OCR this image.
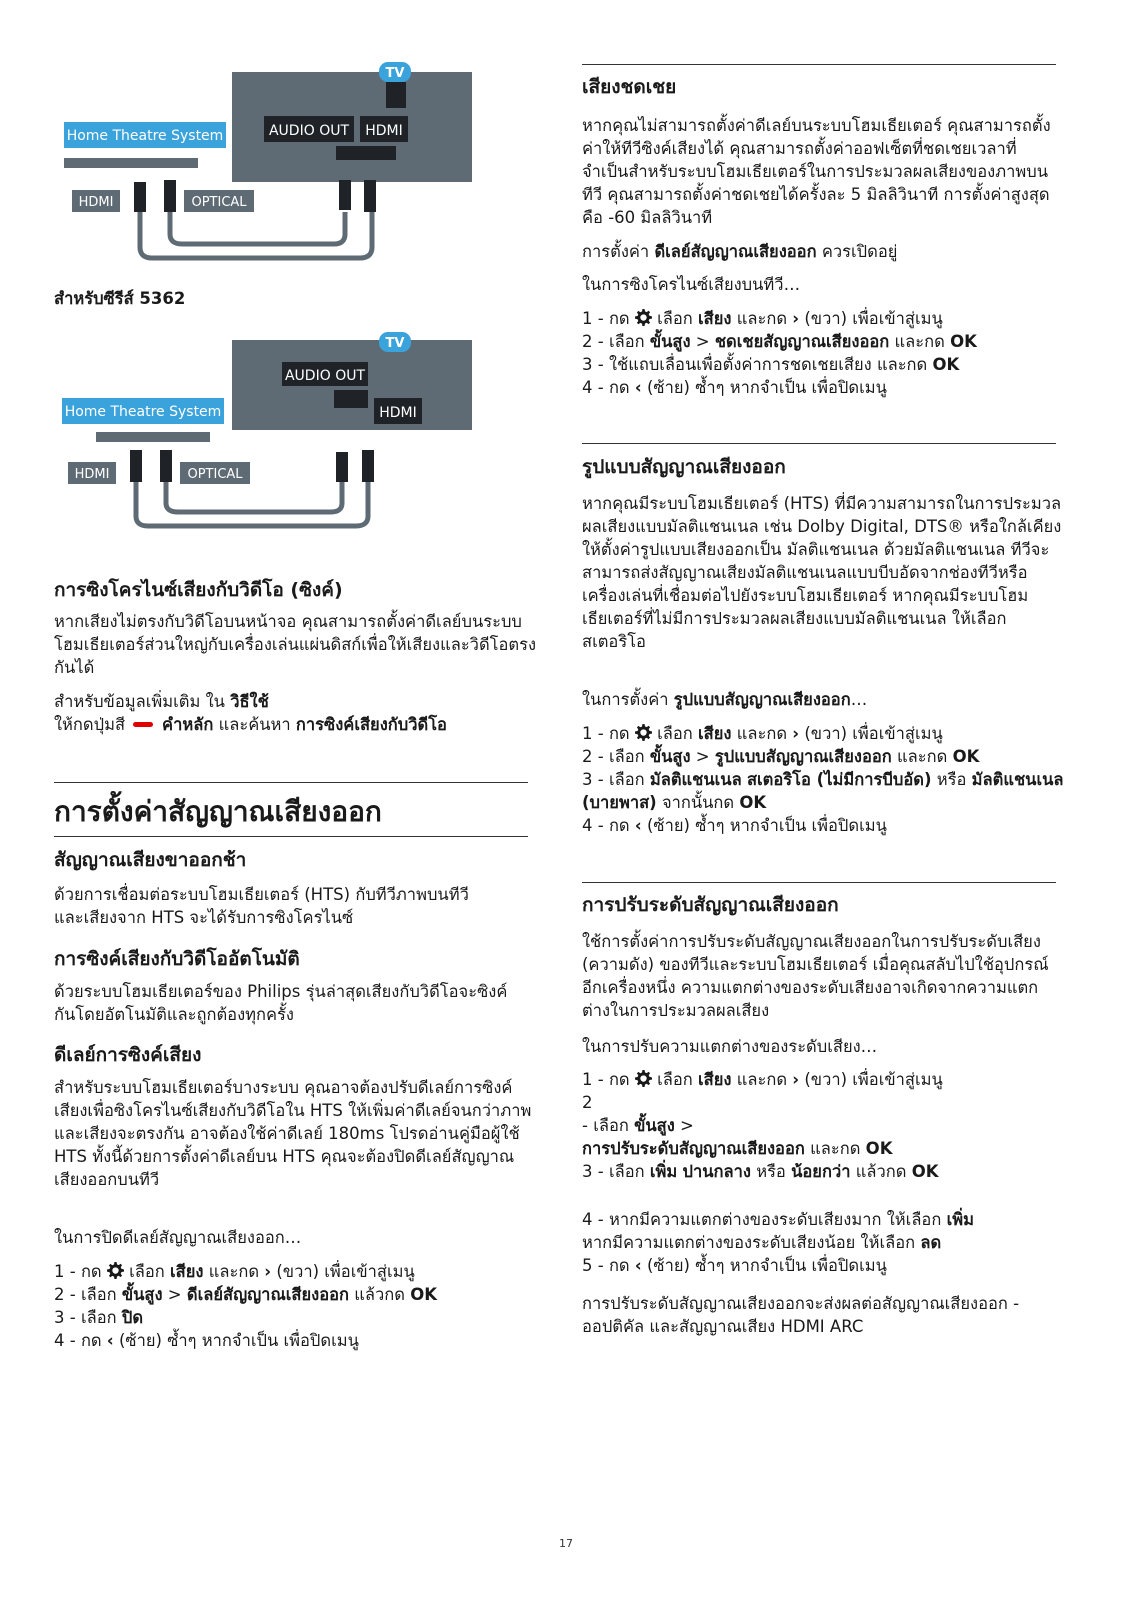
TV
AUDIO OUT HDMI
Home Theatre System
HDMI	OPTICAL
สำหรับซีรีส์ 5362
TV
AUDIO OUT
HDMI
Home Theatre System
HDMI	OPTICAL
การซิงโครไนซ์เสียงกับวิดีโอ (ซิงค์)
หากเสียงไม่ตรงกับวิดีโอบนหน้าจอ คุณสามารถตั้งค่าดีเลย์บนระบบโฮมเธียเตอร์ส่วนใหญ่กับเครื่องเล่นแผ่นดิสก์เพื่อให้เสียงและวิดีโอตรงกันได้
สำหรับข้อมูลเพิ่มเติม ใน วิธีใช้
ให้กดปุ่มสี  คำหลัก และค้นหา การซิงค์เสียงกับวิดีโอ
การตั้งค่าสัญญาณเสียงออก
สัญญาณเสียงขาออกช้า
ด้วยการเชื่อมต่อระบบโฮมเธียเตอร์ (HTS) กับทีวีภาพบนทีวีและเสียงจาก HTS จะได้รับการซิงโครไนซ์
การซิงค์เสียงกับวิดีโออัตโนมัติ
ด้วยระบบโฮมเธียเตอร์ของ Philips รุ่นล่าสุดเสียงกับวิดีโอจะซิงค์กันโดยอัตโนมัติและถูกต้องทุกครั้ง
ดีเลย์การซิงค์เสียง
สำหรับระบบโฮมเธียเตอร์บางระบบ คุณอาจต้องปรับดีเลย์การซิงค์เสียงเพื่อซิงโครไนซ์เสียงกับวิดีโอใน HTS ให้เพิ่มค่าดีเลย์จนกว่าภาพและเสียงจะตรงกัน อาจต้องใช้ค่าดีเลย์ 180ms โปรดอ่านคู่มือผู้ใช้ HTS ทั้งนี้ด้วยการตั้งค่าดีเลย์บน HTS คุณจะต้องปิดดีเลย์สัญญาณเสียงออกบนทีวี
ในการปิดดีเลย์สัญญาณเสียงออก…
1 - กด  เลือก เสียง และกด › (ขวา) เพื่อเข้าสู่เมนู
2 - เลือก ขั้นสูง > ดีเลย์สัญญาณเสียงออก แล้วกด OK
3 - เลือก ปิด
4 - กด ‹ (ซ้าย) ซ้ำๆ หากจำเป็น เพื่อปิดเมนู
เสียงชดเชย
หากคุณไม่สามารถตั้งค่าดีเลย์บนระบบโฮมเธียเตอร์ คุณสามารถตั้งค่าให้ทีวีซิงค์เสียงได้ คุณสามารถตั้งค่าออฟเซ็ตที่ชดเชยเวลาที่จำเป็นสำหรับระบบโฮมเธียเตอร์ในการประมวลผลเสียงของภาพบนทีวี คุณสามารถตั้งค่าชดเชยได้ครั้งละ 5 มิลลิวินาที การตั้งค่าสูงสุดคือ -60 มิลลิวินาที
การตั้งค่า ดีเลย์สัญญาณเสียงออก ควรเปิดอยู่
ในการซิงโครไนซ์เสียงบนทีวี…
1 - กด  เลือก เสียง และกด › (ขวา) เพื่อเข้าสู่เมนู
2 - เลือก ขั้นสูง > ชดเชยสัญญาณเสียงออก และกด OK
3 - ใช้แถบเลื่อนเพื่อตั้งค่าการชดเชยเสียง และกด OK
4 - กด ‹ (ซ้าย) ซ้ำๆ หากจำเป็น เพื่อปิดเมนู
รูปแบบสัญญาณเสียงออก
หากคุณมีระบบโฮมเธียเตอร์ (HTS) ที่มีความสามารถในการประมวลผลเสียงแบบมัลติแชนเนล เช่น Dolby Digital, DTS® หรือใกล้เคียง ให้ตั้งค่ารูปแบบเสียงออกเป็น มัลติแชนเนล ด้วยมัลติแชนเนล ทีวีจะสามารถส่งสัญญาณเสียงมัลติแชนเนลแบบบีบอัดจากช่องทีวีหรือเครื่องเล่นที่เชื่อมต่อไปยังระบบโฮมเธียเตอร์ หากคุณมีระบบโฮมเธียเตอร์ที่ไม่มีการประมวลผลเสียงแบบมัลติแชนเนล ให้เลือก สเตอริโอ
ในการตั้งค่า รูปแบบสัญญาณเสียงออก…
1 - กด  เลือก เสียง และกด › (ขวา) เพื่อเข้าสู่เมนู
2 - เลือก ขั้นสูง > รูปแบบสัญญาณเสียงออก และกด OK
3 - เลือก มัลติแชนเนล สเตอริโอ (ไม่มีการบีบอัด) หรือ มัลติแชนเนล (บายพาส) จากนั้นกด OK
4 - กด ‹ (ซ้าย) ซ้ำๆ หากจำเป็น เพื่อปิดเมนู
การปรับระดับสัญญาณเสียงออก
ใช้การตั้งค่าการปรับระดับสัญญาณเสียงออกในการปรับระดับเสียง (ความดัง) ของทีวีและระบบโฮมเธียเตอร์ เมื่อคุณสลับไปใช้อุปกรณ์อีกเครื่องหนึ่ง ความแตกต่างของระดับเสียงอาจเกิดจากความแตกต่างในการประมวลผลเสียง
ในการปรับความแตกต่างของระดับเสียง…
1 - กด  เลือก เสียง และกด › (ขวา) เพื่อเข้าสู่เมนู
2
- เลือก ขั้นสูง >
การปรับระดับสัญญาณเสียงออก และกด OK
3 - เลือก เพิ่ม ปานกลาง หรือ น้อยกว่า แล้วกด OK
4 - หากมีความแตกต่างของระดับเสียงมาก ให้เลือก เพิ่ม
หากมีความแตกต่างของระดับเสียงน้อย ให้เลือก ลด
5 - กด ‹ (ซ้าย) ซ้ำๆ หากจำเป็น เพื่อปิดเมนู
การปรับระดับสัญญาณเสียงออกจะส่งผลต่อสัญญาณเสียงออก - ออปติคัล และสัญญาณเสียง HDMI ARC
17
